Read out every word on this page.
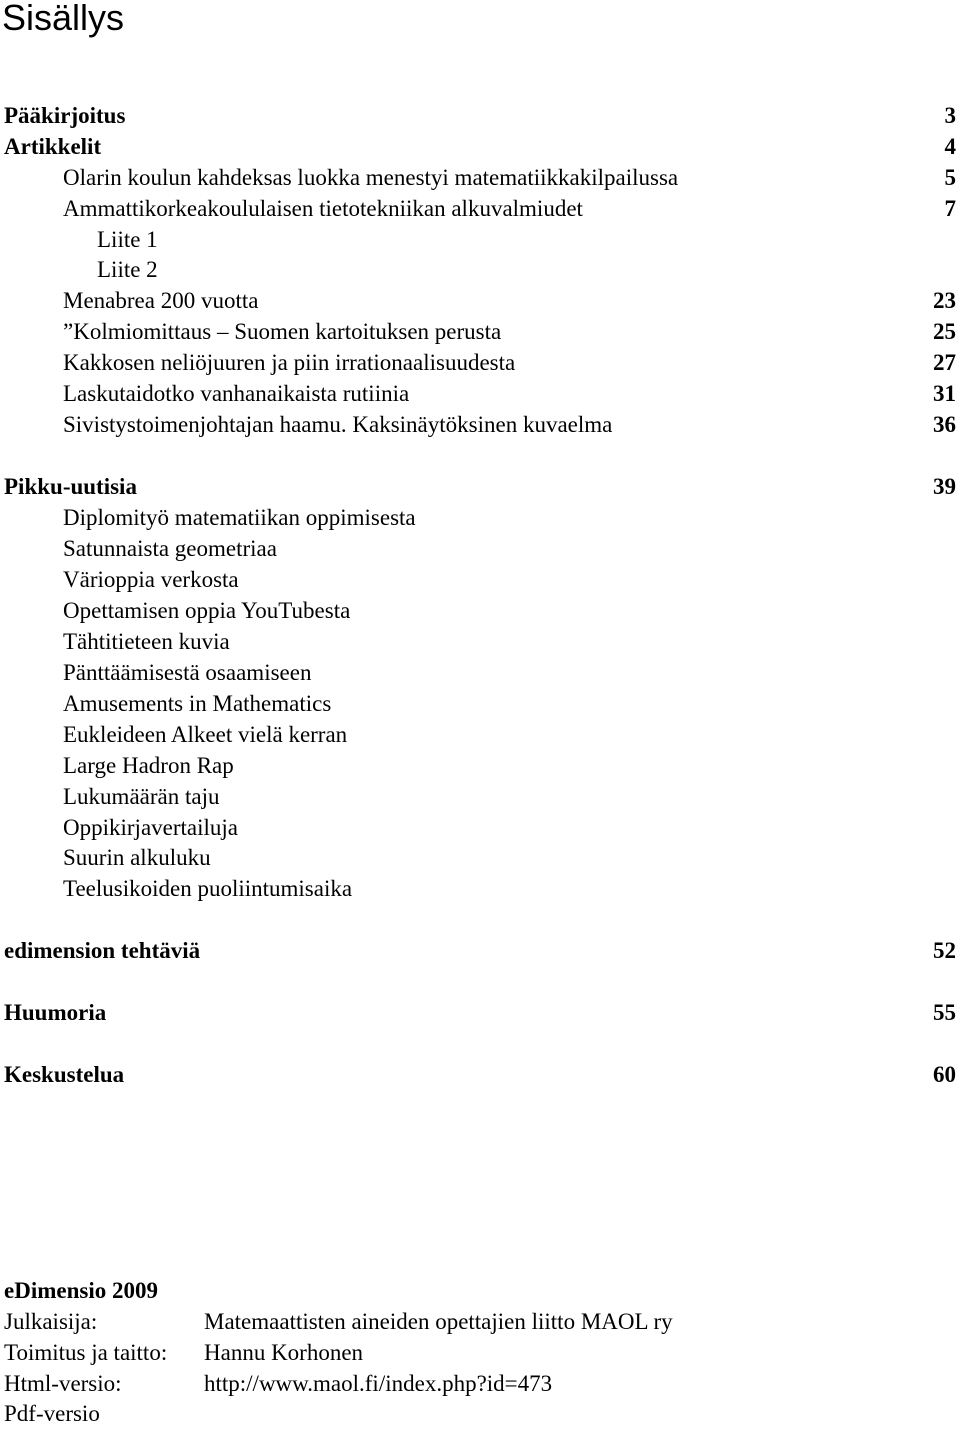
Sisällys
Pääkirjoitus	3
Artikkelit	4
Olarin koulun kahdeksas luokka menestyi matematiikkakilpailussa	5
Ammattikorkeakoululaisen tietotekniikan alkuvalmiudet	7
Liite 1
Liite 2
Menabrea 200 vuotta	23
”Kolmiomittaus – Suomen kartoituksen perusta	25
Kakkosen neliöjuuren ja piin irrationaalisuudesta	27
Laskutaidotko vanhanaikaista rutiinia	31
Sivistystoimenjohtajan haamu. Kaksinäytöksinen kuvaelma	36
Pikku-uutisia	39
Diplomityö matematiikan oppimisesta
Satunnaista geometriaa
Värioppia verkosta
Opettamisen oppia YouTubesta
Tähtitieteen kuvia
Pänttäämisestä osaamiseen
Amusements in Mathematics
Eukleideen Alkeet vielä kerran
Large Hadron Rap
Lukumäärän taju
Oppikirjavertailuja
Suurin alkuluku
Teelusikoiden puoliintumisaika
edimension tehtäviä	52
Huumoria	55
Keskustelua	60
eDimensio 2009
Julkaisija:	Matemaattisten aineiden opettajien liitto MAOL ry
Toimitus ja taitto: Hannu Korhonen
Html-versio:	http://www.maol.fi/index.php?id=473
Pdf-versio
